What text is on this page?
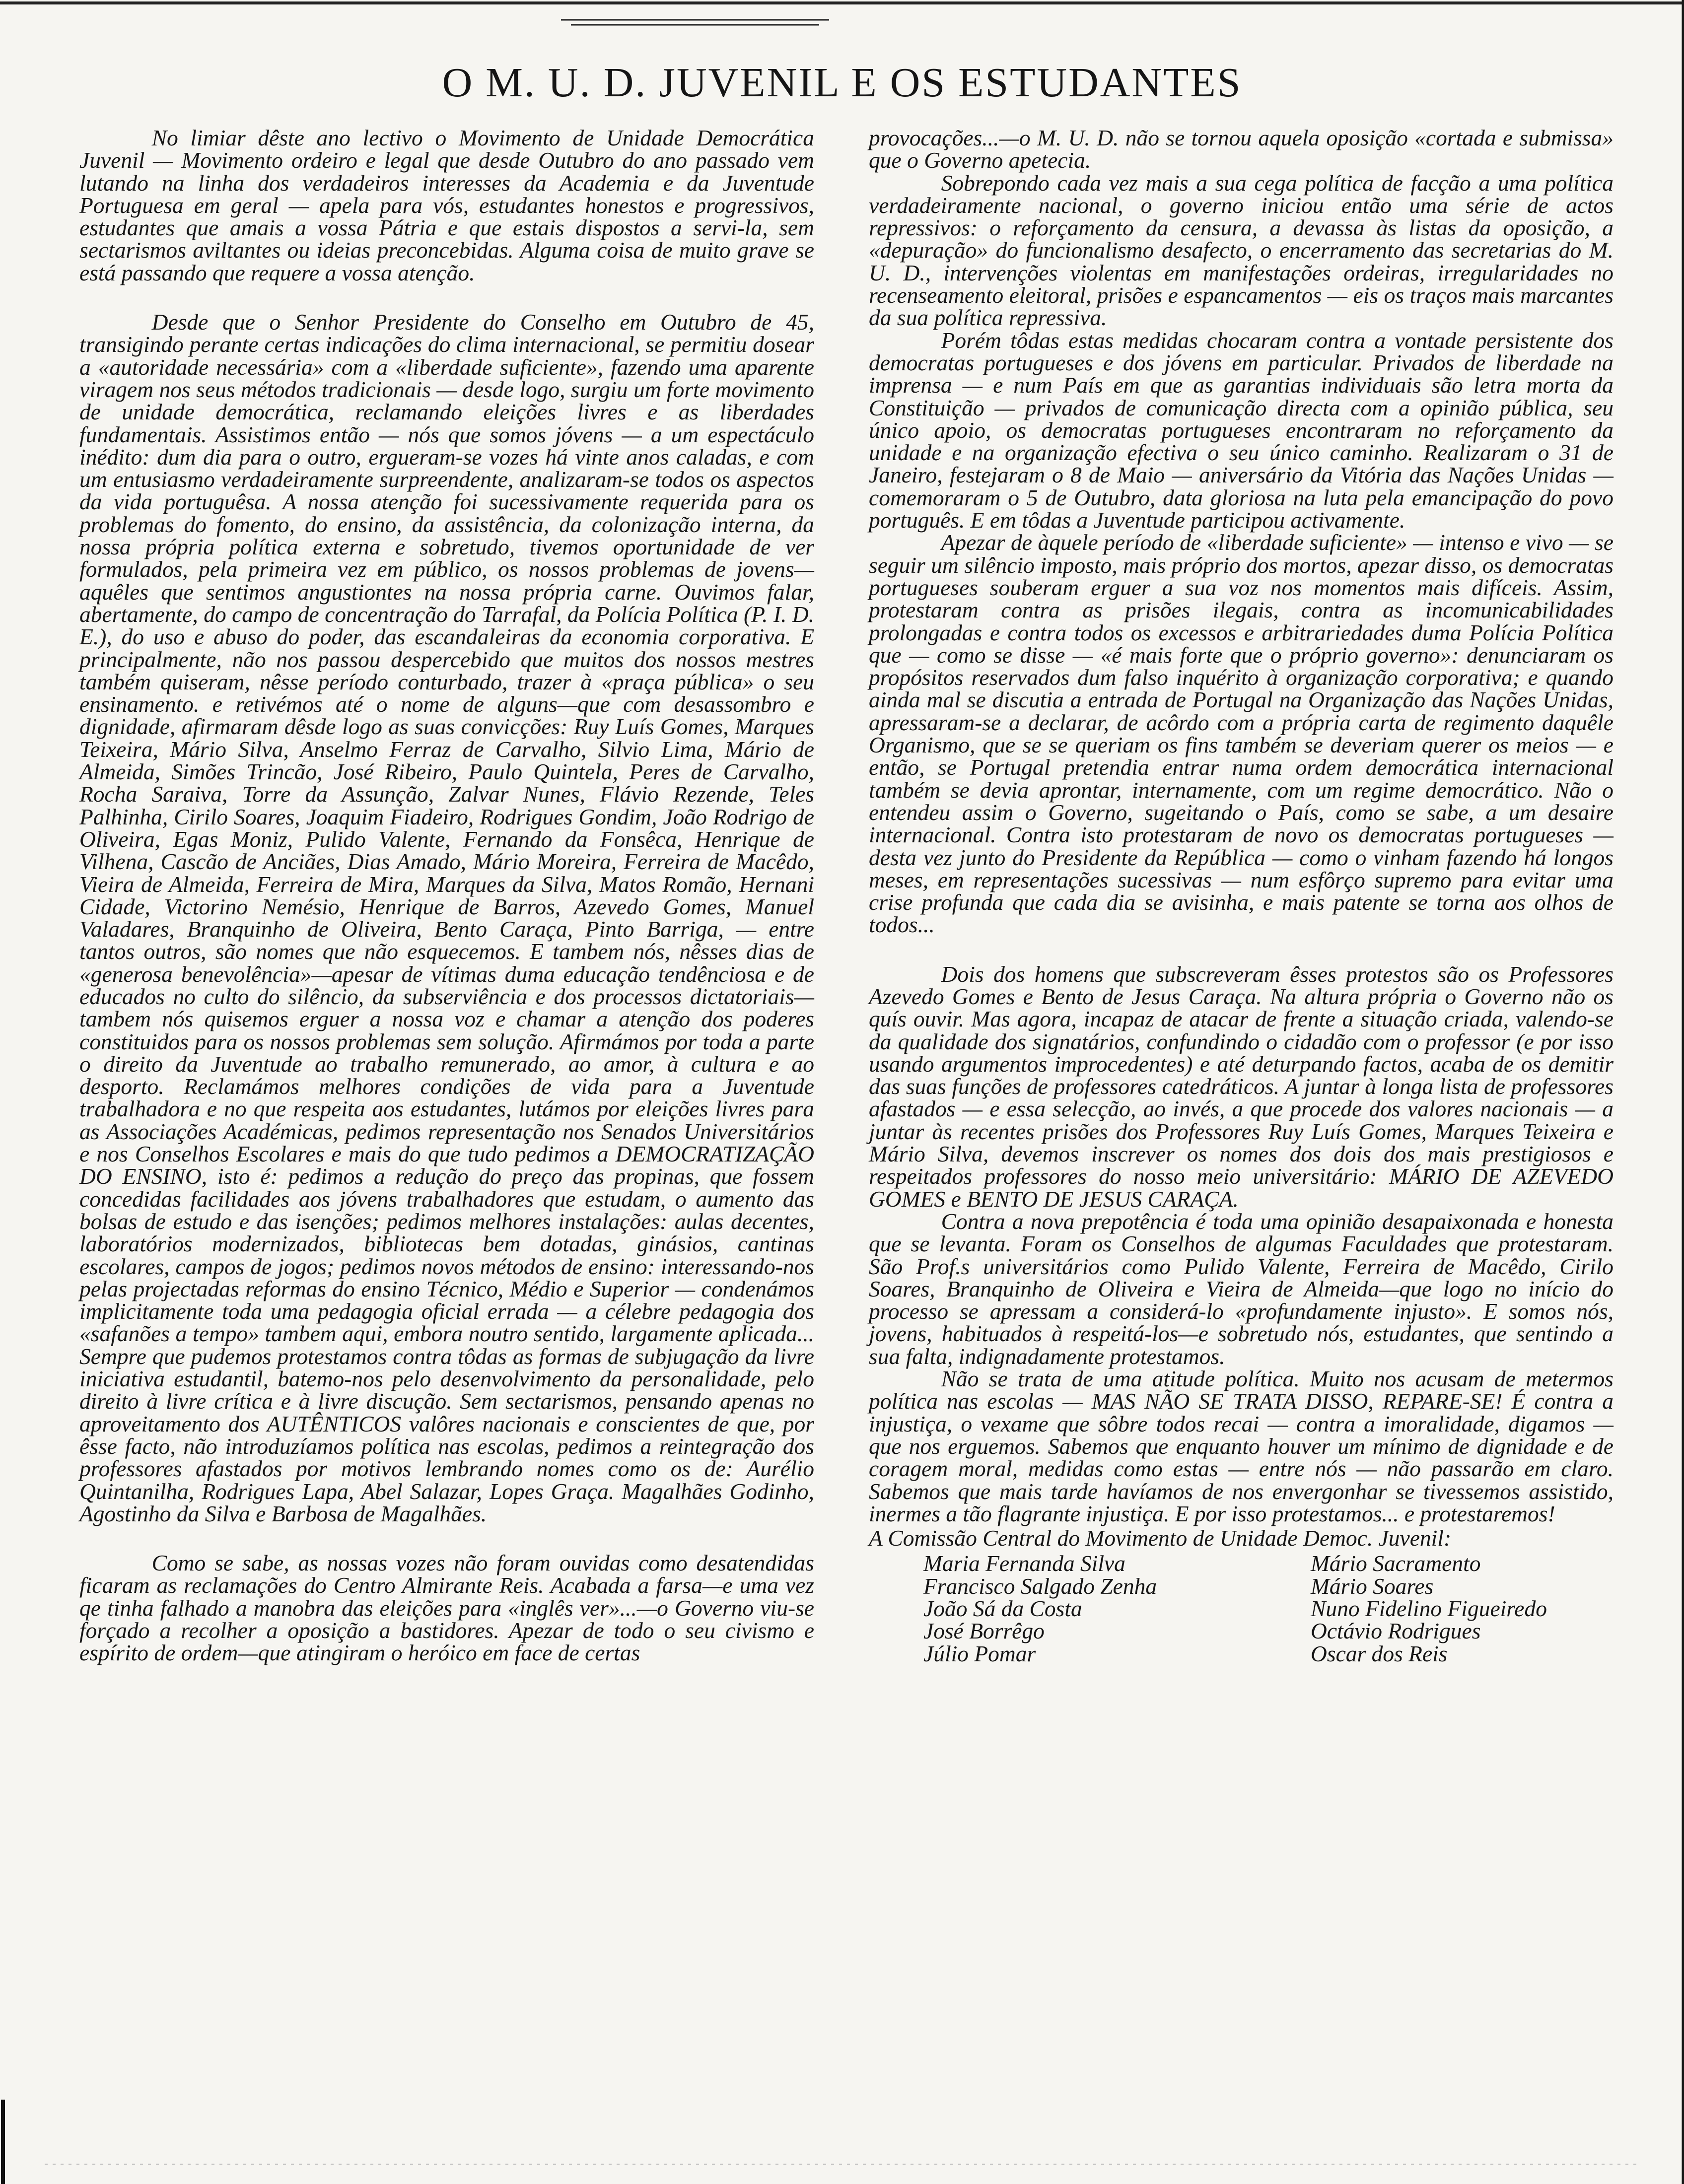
O M. U. D. JUVENIL E OS ESTUDANTES

No limiar dêste ano lectivo o Movimento de Unidade Democrática Juvenil — Movimento ordeiro e legal que desde Outubro do ano passado vem lutando na linha dos verdadeiros interesses da Academia e da Juventude Portuguesa em geral — apela para vós, estudantes honestos e progressivos, estudantes que amais a vossa Pátria e que estais dispostos a servi-la, sem sectarismos aviltantes ou ideias preconcebidas. Alguma coisa de muito grave se está passando que requere a vossa atenção.

Desde que o Senhor Presidente do Conselho em Outubro de 45, transigindo perante certas indicações do clima internacional, se permitiu dosear a «autoridade necessária» com a «liberdade suficiente», fazendo uma aparente viragem nos seus métodos tradicionais — desde logo, surgiu um forte movimento de unidade democrática, reclamando eleições livres e as liberdades fundamentais. Assistimos então — nós que somos jóvens — a um espectáculo inédito: dum dia para o outro, ergueram-se vozes há vinte anos caladas, e com um entusiasmo verdadeiramente surpreendente, analizaram-se todos os aspectos da vida portuguêsa. A nossa atenção foi sucessivamente requerida para os problemas do fomento, do ensino, da assistência, da colonização interna, da nossa própria política externa e sobretudo, tivemos oportunidade de ver formulados, pela primeira vez em público, os nossos problemas de jovens—aquêles que sentimos angustiontes na nossa própria carne. Ouvimos falar, abertamente, do campo de concentração do Tarrafal, da Polícia Política (P. I. D. E.), do uso e abuso do poder, das escandaleiras da economia corporativa. E principalmente, não nos passou despercebido que muitos dos nossos mestres também quiseram, nêsse período conturbado, trazer à «praça pública» o seu ensinamento. e retivémos até o nome de alguns—que com desassombro e dignidade, afirmaram dêsde logo as suas convicções: Ruy Luís Gomes, Marques Teixeira, Mário Silva, Anselmo Ferraz de Carvalho, Silvio Lima, Mário de Almeida, Simões Trincão, José Ribeiro, Paulo Quintela, Peres de Carvalho, Rocha Saraiva, Torre da Assunção, Zalvar Nunes, Flávio Rezende, Teles Palhinha, Cirilo Soares, Joaquim Fiadeiro, Rodrigues Gondim, João Rodrigo de Oliveira, Egas Moniz, Pulido Valente, Fernando da Fonsêca, Henrique de Vilhena, Cascão de Anciães, Dias Amado, Mário Moreira, Ferreira de Macêdo, Vieira de Almeida, Ferreira de Mira, Marques da Silva, Matos Romão, Hernani Cidade, Victorino Nemésio, Henrique de Barros, Azevedo Gomes, Manuel Valadares, Branquinho de Oliveira, Bento Caraça, Pinto Barriga, — entre tantos outros, são nomes que não esquecemos. E tambem nós, nêsses dias de «generosa benevolência»—apesar de vítimas duma educação tendênciosa e de educados no culto do silêncio, da subserviência e dos processos dictatoriais—tambem nós quisemos erguer a nossa voz e chamar a atenção dos poderes constituidos para os nossos problemas sem solução. Afirmámos por toda a parte o direito da Juventude ao trabalho remunerado, ao amor, à cultura e ao desporto. Reclamámos melhores condições de vida para a Juventude trabalhadora e no que respeita aos estudantes, lutámos por eleições livres para as Associações Académicas, pedimos representação nos Senados Universitários e nos Conselhos Escolares e mais do que tudo pedimos a DEMOCRATIZAÇÃO DO ENSINO, isto é: pedimos a redução do preço das propinas, que fossem concedidas facilidades aos jóvens trabalhadores que estudam, o aumento das bolsas de estudo e das isenções; pedimos melhores instalações: aulas decentes, laboratórios modernizados, bibliotecas bem dotadas, ginásios, cantinas escolares, campos de jogos; pedimos novos métodos de ensino: interessando-nos pelas projectadas reformas do ensino Técnico, Médio e Superior — condenámos implicitamente toda uma pedagogia oficial errada — a célebre pedagogia dos «safanões a tempo» tambem aqui, embora noutro sentido, largamente aplicada... Sempre que pudemos protestamos contra tôdas as formas de subjugação da livre iniciativa estudantil, batemo-nos pelo desenvolvimento da personalidade, pelo direito à livre crítica e à livre discução. Sem sectarismos, pensando apenas no aproveitamento dos AUTÊNTICOS valôres nacionais e conscientes de que, por êsse facto, não introduzíamos política nas escolas, pedimos a reintegração dos professores afastados por motivos lembrando nomes como os de: Aurélio Quintanilha, Rodrigues Lapa, Abel Salazar, Lopes Graça. Magalhães Godinho, Agostinho da Silva e Barbosa de Magalhães.

Como se sabe, as nossas vozes não foram ouvidas como desatendidas ficaram as reclamações do Centro Almirante Reis. Acabada a farsa—e uma vez qe tinha falhado a manobra das eleições para «inglês ver»...—o Governo viu-se forçado a recolher a oposição a bastidores. Apezar de todo o seu civismo e espírito de ordem—que atingiram o heróico em face de certas

provocações...—o M. U. D. não se tornou aquela oposição «cortada e submissa» que o Governo apetecia.

Sobrepondo cada vez mais a sua cega política de facção a uma política verdadeiramente nacional, o governo iniciou então uma série de actos repressivos: o reforçamento da censura, a devassa às listas da oposição, a «depuração» do funcionalismo desafecto, o encerramento das secretarias do M. U. D., intervenções violentas em manifestações ordeiras, irregularidades no recenseamento eleitoral, prisões e espancamentos — eis os traços mais marcantes da sua política repressiva.

Porém tôdas estas medidas chocaram contra a vontade persistente dos democratas portugueses e dos jóvens em particular. Privados de liberdade na imprensa — e num País em que as garantias individuais são letra morta da Constituição — privados de comunicação directa com a opinião pública, seu único apoio, os democratas portugueses encontraram no reforçamento da unidade e na organização efectiva o seu único caminho. Realizaram o 31 de Janeiro, festejaram o 8 de Maio — aniversário da Vitória das Nações Unidas — comemoraram o 5 de Outubro, data gloriosa na luta pela emancipação do povo português. E em tôdas a Juventude participou activamente.

Apezar de àquele período de «liberdade suficiente» — intenso e vivo — se seguir um silêncio imposto, mais próprio dos mortos, apezar disso, os democratas portugueses souberam erguer a sua voz nos momentos mais difíceis. Assim, protestaram contra as prisões ilegais, contra as incomunicabilidades prolongadas e contra todos os excessos e arbitrariedades duma Polícia Política que — como se disse — «é mais forte que o próprio governo»: denunciaram os propósitos reservados dum falso inquérito à organização corporativa; e quando ainda mal se discutia a entrada de Portugal na Organização das Nações Unidas, apressaram-se a declarar, de acôrdo com a própria carta de regimento daquêle Organismo, que se se queriam os fins também se deveriam querer os meios — e então, se Portugal pretendia entrar numa ordem democrática internacional também se devia aprontar, internamente, com um regime democrático. Não o entendeu assim o Governo, sugeitando o País, como se sabe, a um desaire internacional. Contra isto protestaram de novo os democratas portugueses — desta vez junto do Presidente da República — como o vinham fazendo há longos meses, em representações sucessivas — num esfôrço supremo para evitar uma crise profunda que cada dia se avisinha, e mais patente se torna aos olhos de todos...

Dois dos homens que subscreveram êsses protestos são os Professores Azevedo Gomes e Bento de Jesus Caraça. Na altura própria o Governo não os quís ouvir. Mas agora, incapaz de atacar de frente a situação criada, valendo-se da qualidade dos signatários, confundindo o cidadão com o professor (e por isso usando argumentos improcedentes) e até deturpando factos, acaba de os demitir das suas funções de professores catedráticos. A juntar à longa lista de professores afastados — e essa selecção, ao invés, a que procede dos valores nacionais — a juntar às recentes prisões dos Professores Ruy Luís Gomes, Marques Teixeira e Mário Silva, devemos inscrever os nomes dos dois dos mais prestigiosos e respeitados professores do nosso meio universitário: MÁRIO DE AZEVEDO GOMES e BENTO DE JESUS CARAÇA.

Contra a nova prepotência é toda uma opinião desapaixonada e honesta que se levanta. Foram os Conselhos de algumas Faculdades que protestaram. São Prof.s universitários como Pulido Valente, Ferreira de Macêdo, Cirilo Soares, Branquinho de Oliveira e Vieira de Almeida—que logo no início do processo se apressam a considerá-lo «profundamente injusto». E somos nós, jovens, habituados à respeitá-los—e sobretudo nós, estudantes, que sentindo a sua falta, indignadamente protestamos.

Não se trata de uma atitude política. Muito nos acusam de metermos política nas escolas — MAS NÃO SE TRATA DISSO, REPARE-SE! É contra a injustiça, o vexame que sôbre todos recai — contra a imoralidade, digamos — que nos erguemos. Sabemos que enquanto houver um mínimo de dignidade e de coragem moral, medidas como estas — entre nós — não passarão em claro. Sabemos que mais tarde havíamos de nos envergonhar se tivessemos assistido, inermes a tão flagrante injustiça. E por isso protestamos... e protestaremos!

A Comissão Central do Movimento de Unidade Democ. Juvenil:

Maria Fernanda Silva
Francisco Salgado Zenha
João Sá da Costa
José Borrêgo
Júlio Pomar
Mário Sacramento
Mário Soares
Nuno Fidelino Figueiredo
Octávio Rodrigues
Oscar dos Reis
